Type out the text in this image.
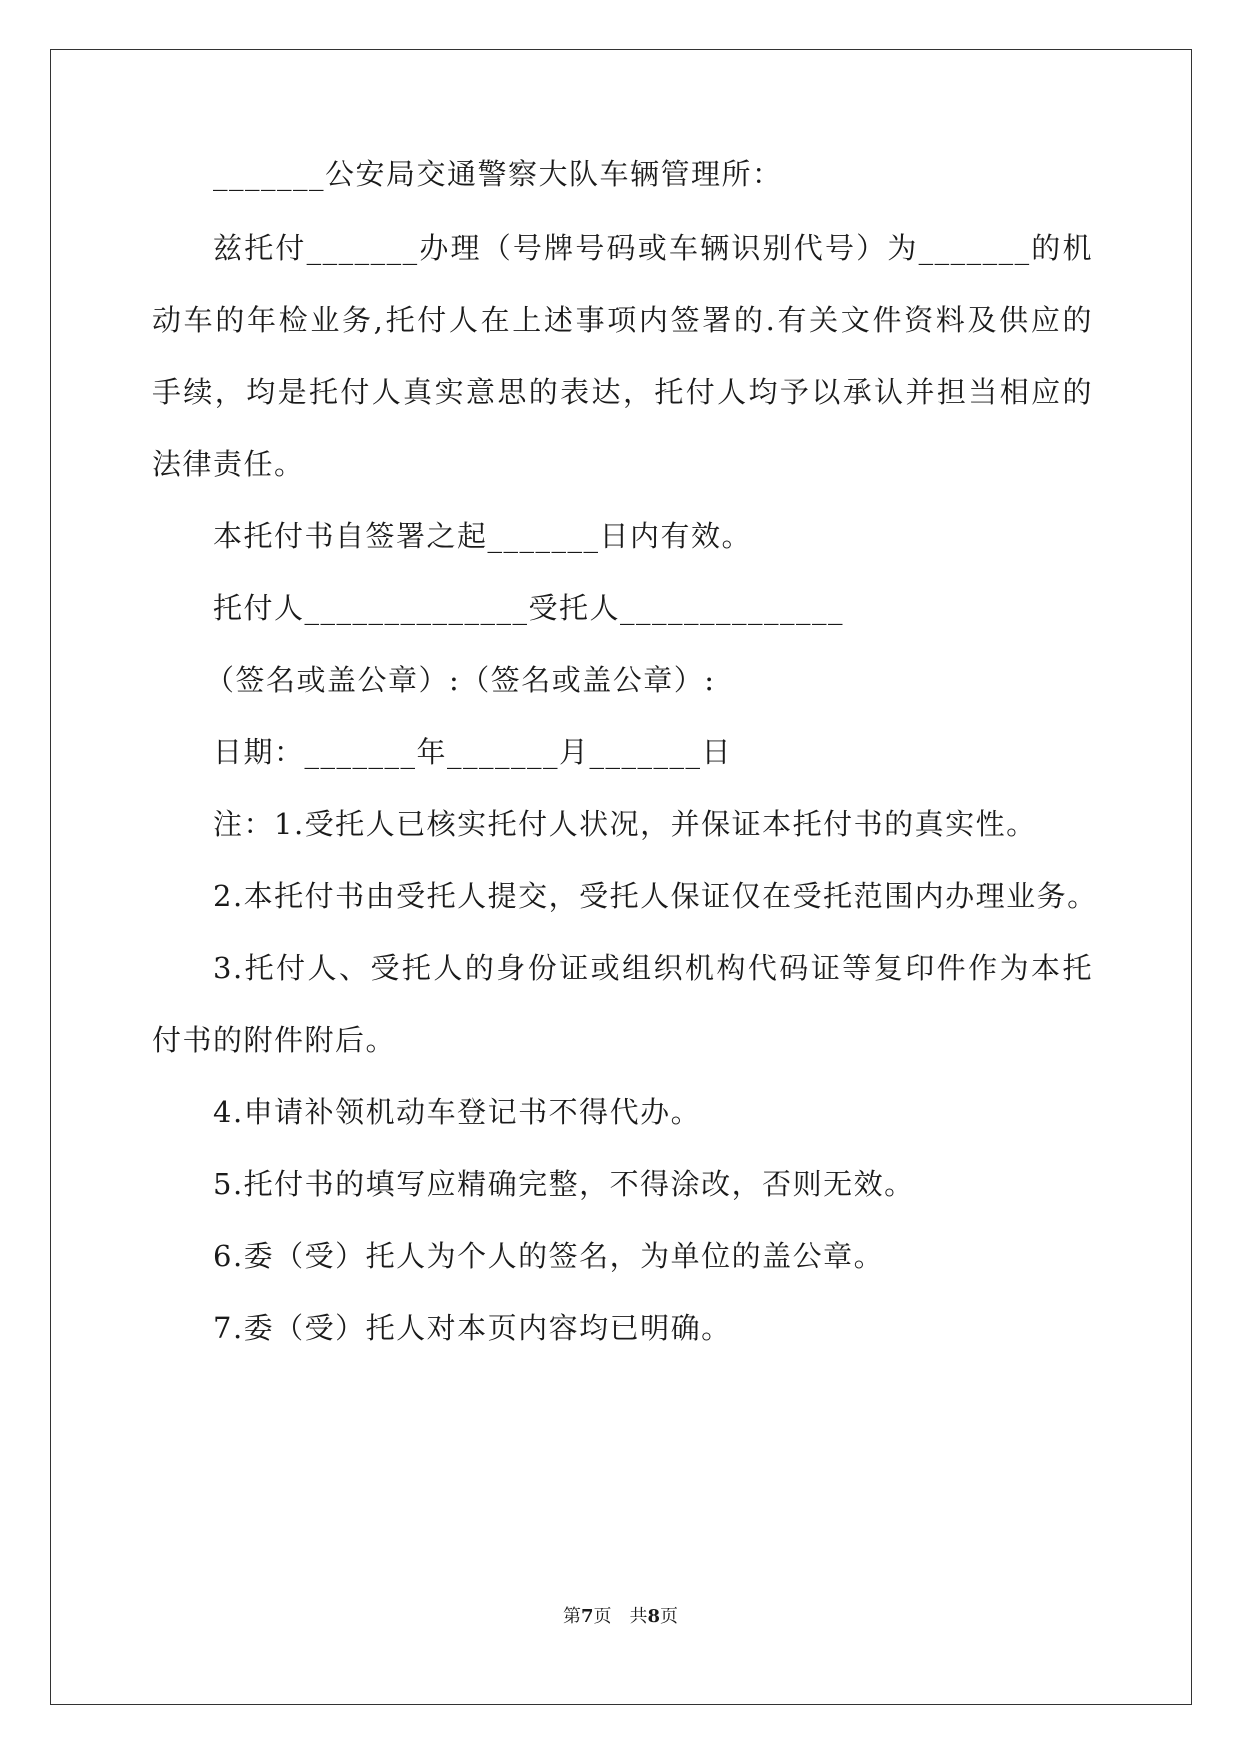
_______公安局交通警察大队车辆管理所：
兹托付_______办理（号牌号码或车辆识别代号）为_______的机
动车的年检业务,托付人在上述事项内签署的.有关文件资料及供应的
手续，均是托付人真实意思的表达，托付人均予以承认并担当相应的
法律责任。
本托付书自签署之起_______日内有效。
托付人______________受托人______________
（签名或盖公章）:（签名或盖公章）:
日期：_______年_______月_______日
注：1.受托人已核实托付人状况，并保证本托付书的真实性。
2.本托付书由受托人提交，受托人保证仅在受托范围内办理业务。
3.托付人、受托人的身份证或组织机构代码证等复印件作为本托
付书的附件附后。
4.申请补领机动车登记书不得代办。
5.托付书的填写应精确完整，不得涂改，否则无效。
6.委（受）托人为个人的签名，为单位的盖公章。
7.委（受）托人对本页内容均已明确。
第7页　共8页
